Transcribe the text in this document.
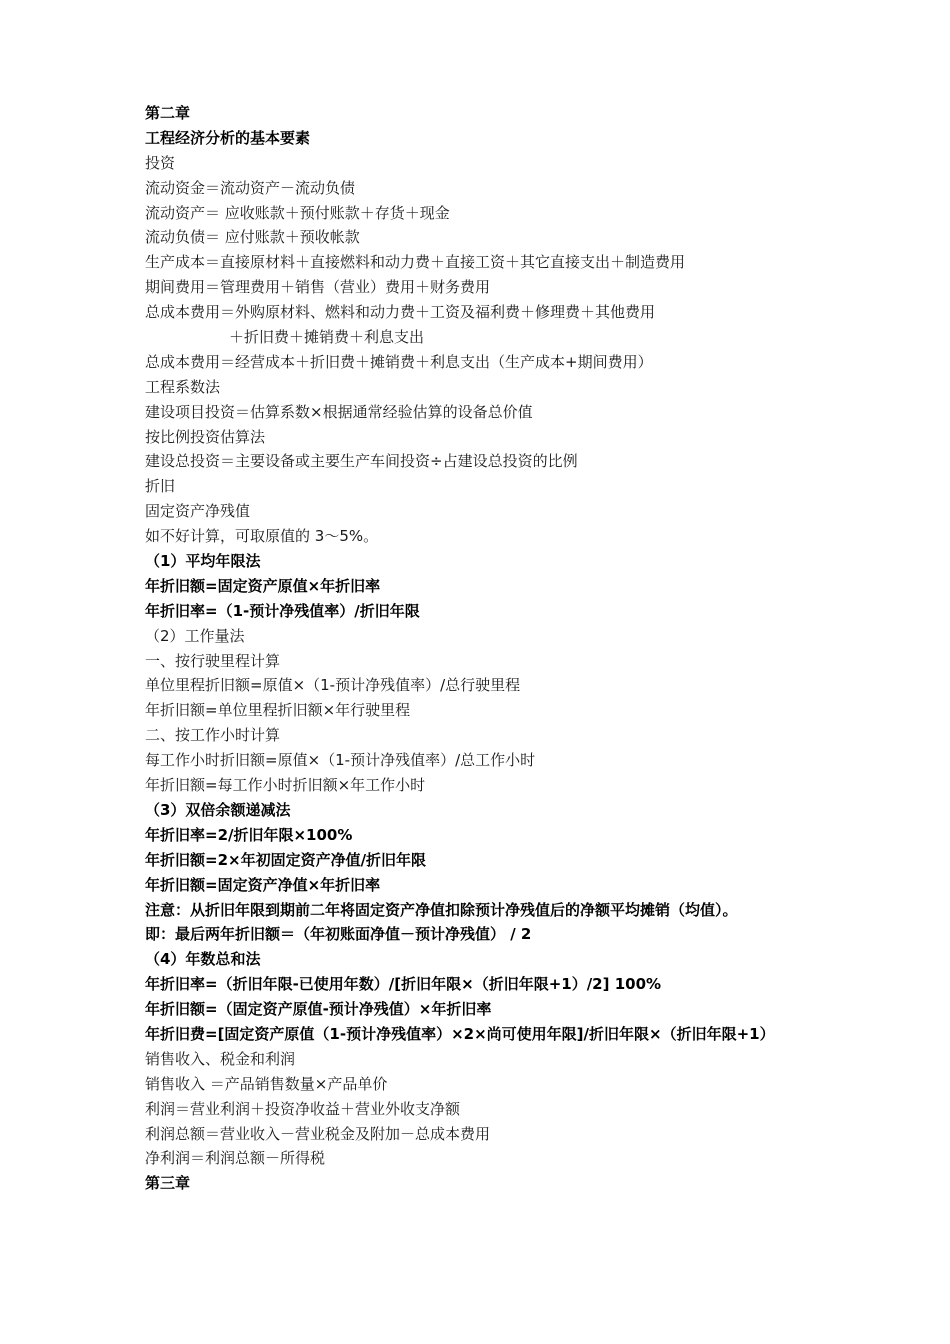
第二章

工程经济分析的基本要素

投资

流动资金＝流动资产－流动负债

流动资产＝ 应收账款＋预付账款＋存货＋现金

流动负债＝ 应付账款＋预收帐款

生产成本＝直接原材料＋直接燃料和动力费＋直接工资＋其它直接支出＋制造费用

期间费用＝管理费用＋销售（营业）费用＋财务费用

总成本费用＝外购原材料、燃料和动力费＋工资及福利费＋修理费＋其他费用

＋折旧费＋摊销费＋利息支出

总成本费用＝经营成本＋折旧费＋摊销费＋利息支出（生产成本+期间费用）

工程系数法

建设项目投资＝估算系数×根据通常经验估算的设备总价值

按比例投资估算法

建设总投资＝主要设备或主要生产车间投资÷占建设总投资的比例

折旧

固定资产净残值

如不好计算，可取原值的 3～5%。

（1）平均年限法

年折旧额=固定资产原值×年折旧率

年折旧率=（1-预计净残值率）/折旧年限

（2）工作量法

一、按行驶里程计算

单位里程折旧额=原值×（1-预计净残值率）/总行驶里程

年折旧额=单位里程折旧额×年行驶里程

二、按工作小时计算

每工作小时折旧额=原值×（1-预计净残值率）/总工作小时

年折旧额=每工作小时折旧额×年工作小时

（3）双倍余额递减法

年折旧率=2/折旧年限×100%

年折旧额=2×年初固定资产净值/折旧年限

年折旧额=固定资产净值×年折旧率

注意：从折旧年限到期前二年将固定资产净值扣除预计净残值后的净额平均摊销（均值）。

即：最后两年折旧额＝（年初账面净值－预计净残值） / 2

（4）年数总和法

年折旧率=（折旧年限-已使用年数）/[折旧年限×（折旧年限+1）/2] 100%

年折旧额=（固定资产原值-预计净残值）×年折旧率

年折旧费=[固定资产原值（1-预计净残值率）×2×尚可使用年限]/折旧年限×（折旧年限+1）

销售收入、税金和利润

销售收入 ＝产品销售数量×产品单价

利润＝营业利润＋投资净收益＋营业外收支净额

利润总额＝营业收入－营业税金及附加－总成本费用

净利润＝利润总额－所得税

第三章
